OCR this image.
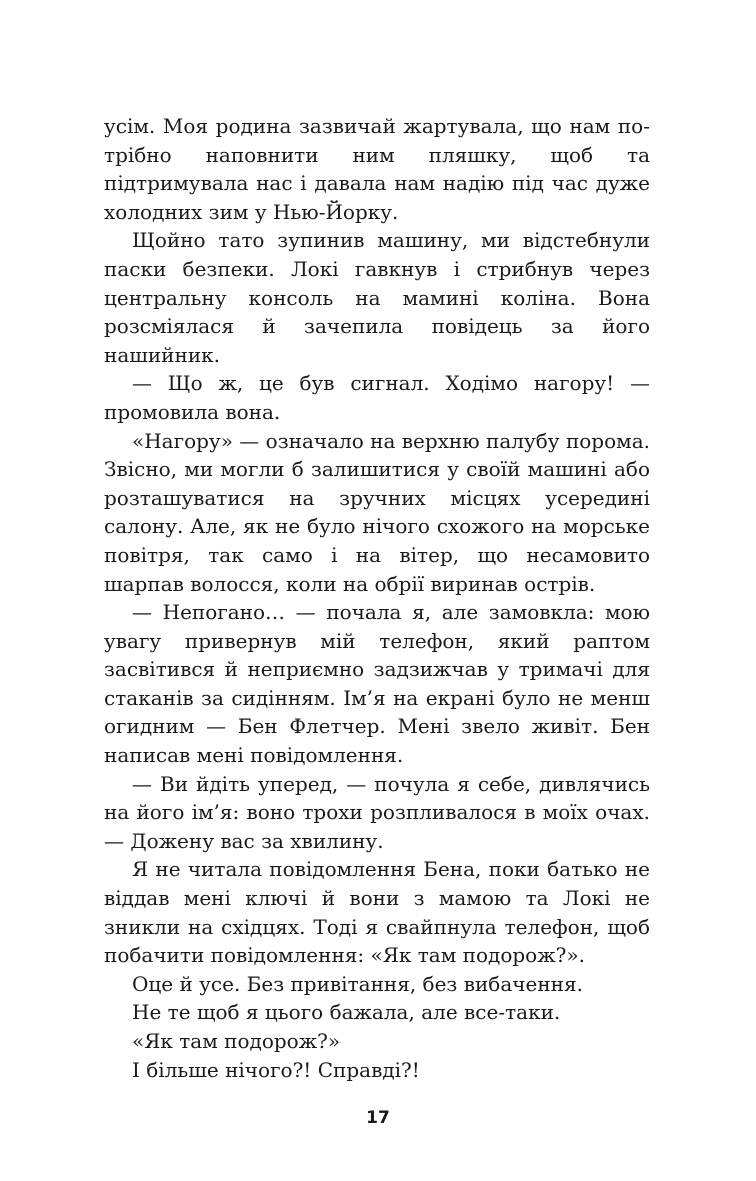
усім. Моя родина зазвичай жартувала, що нам потрібно наповнити ним пляшку, щоб та підтримувала нас і давала нам надію під час дуже холодних зим у Нью-Йорку.

Щойно тато зупинив машину, ми відстебнули паски безпеки. Локі гавкнув і стрибнув через центральну консоль на мамині коліна. Вона розсміялася й зачепила повідець за його нашийник.

— Що ж, це був сигнал. Ходімо нагору! — промовила вона.

«Нагору» — означало на верхню палубу порома. Звісно, ми могли б залишитися у своїй машині або розташуватися на зручних місцях усередині салону. Але, як не було нічого схожого на морське повітря, так само і на вітер, що несамовито шарпав волосся, коли на обрії виринав острів.

— Непогано… — почала я, але замовкла: мою увагу привернув мій телефон, який раптом засвітився й неприємно задзижчав у тримачі для стаканів за сидінням. Ім’я на екрані було не менш огидним — Бен Флетчер. Мені звело живіт. Бен написав мені повідомлення.

— Ви йдіть уперед, — почула я себе, дивлячись на його ім’я: воно трохи розпливалося в моїх очах. — Дожену вас за хвилину.

Я не читала повідомлення Бена, поки батько не віддав мені ключі й вони з мамою та Локі не зникли на східцях. Тоді я свайпнула телефон, щоб побачити повідомлення: «Як там подорож?».

Оце й усе. Без привітання, без вибачення.

Не те щоб я цього бажала, але все-таки.

«Як там подорож?»

І більше нічого?! Справді?!

17
